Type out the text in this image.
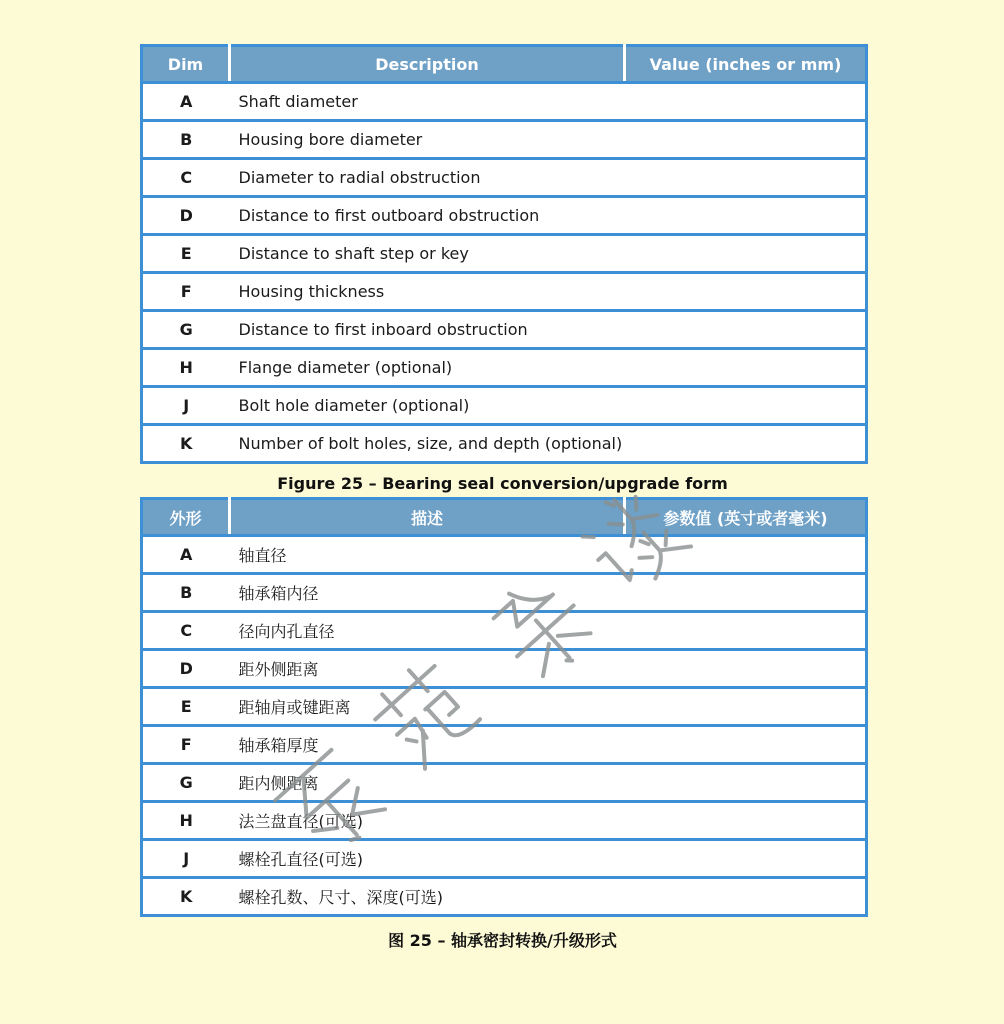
Dim	Description	Value (inches or mm)
A	Shaft diameter	
B	Housing bore diameter	
C	Diameter to radial obstruction	
D	Distance to first outboard obstruction	
E	Distance to shaft step or key	
F	Housing thickness	
G	Distance to first inboard obstruction	
H	Flange diameter (optional)	
J	Bolt hole diameter (optional)	
K	Number of bolt holes, size, and depth (optional)	
Figure 25 – Bearing seal conversion/upgrade form
外形	描述	参数值 (英寸或者毫米)
A	轴直径	
B	轴承箱内径	
C	径向内孔直径	
D	距外侧距离	
E	距轴肩或键距离	
F	轴承箱厚度	
G	距内侧距离	
H	法兰盘直径(可选)	
J	螺栓孔直径(可选)	
K	螺栓孔数、尺寸、深度(可选)	
图 25 – 轴承密封转换/升级形式
